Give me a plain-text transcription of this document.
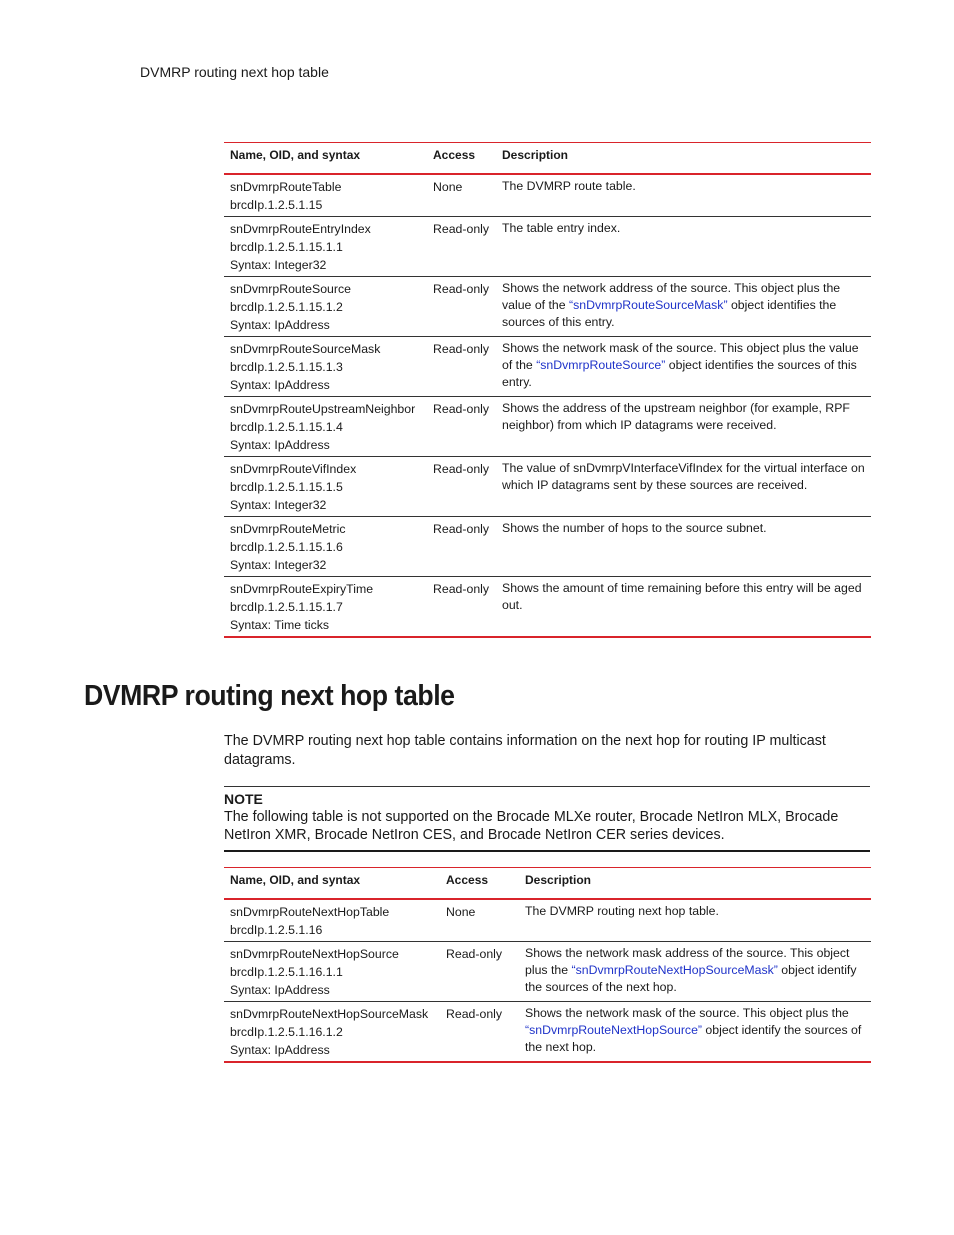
DVMRP routing next hop table
Name, OID, and syntax	Access	Description

snDvmrpRouteTable
brcdIp.1.2.5.1.15	None	The DVMRP route table.

snDvmrpRouteEntryIndex
brcdIp.1.2.5.1.15.1.1
Syntax: Integer32	Read-only	The table entry index.

snDvmrpRouteSource
brcdIp.1.2.5.1.15.1.2
Syntax: IpAddress	Read-only	Shows the network address of the source. This object plus the value of the “snDvmrpRouteSourceMask” object identifies the sources of this entry.

snDvmrpRouteSourceMask
brcdIp.1.2.5.1.15.1.3
Syntax: IpAddress	Read-only	Shows the network mask of the source. This object plus the value of the “snDvmrpRouteSource” object identifies the sources of this entry.

snDvmrpRouteUpstreamNeighbor
brcdIp.1.2.5.1.15.1.4
Syntax: IpAddress	Read-only	Shows the address of the upstream neighbor (for example, RPF neighbor) from which IP datagrams were received.

snDvmrpRouteVifIndex
brcdIp.1.2.5.1.15.1.5
Syntax: Integer32	Read-only	The value of snDvmrpVInterfaceVifIndex for the virtual interface on which IP datagrams sent by these sources are received.

snDvmrpRouteMetric
brcdIp.1.2.5.1.15.1.6
Syntax: Integer32	Read-only	Shows the number of hops to the source subnet.

snDvmrpRouteExpiryTime
brcdIp.1.2.5.1.15.1.7
Syntax: Time ticks	Read-only	Shows the amount of time remaining before this entry will be aged out.
DVMRP routing next hop table

The DVMRP routing next hop table contains information on the next hop for routing IP multicast datagrams.

NOTE
The following table is not supported on the Brocade MLXe router, Brocade NetIron MLX, Brocade NetIron XMR, Brocade NetIron CES, and Brocade NetIron CER series devices.
Name, OID, and syntax	Access	Description

snDvmrpRouteNextHopTable
brcdIp.1.2.5.1.16	None	The DVMRP routing next hop table.

snDvmrpRouteNextHopSource
brcdIp.1.2.5.1.16.1.1
Syntax: IpAddress	Read-only	Shows the network mask address of the source. This object plus the “snDvmrpRouteNextHopSourceMask” object identify the sources of the next hop.

snDvmrpRouteNextHopSourceMask
brcdIp.1.2.5.1.16.1.2
Syntax: IpAddress	Read-only	Shows the network mask of the source. This object plus the “snDvmrpRouteNextHopSource” object identify the sources of the next hop.
